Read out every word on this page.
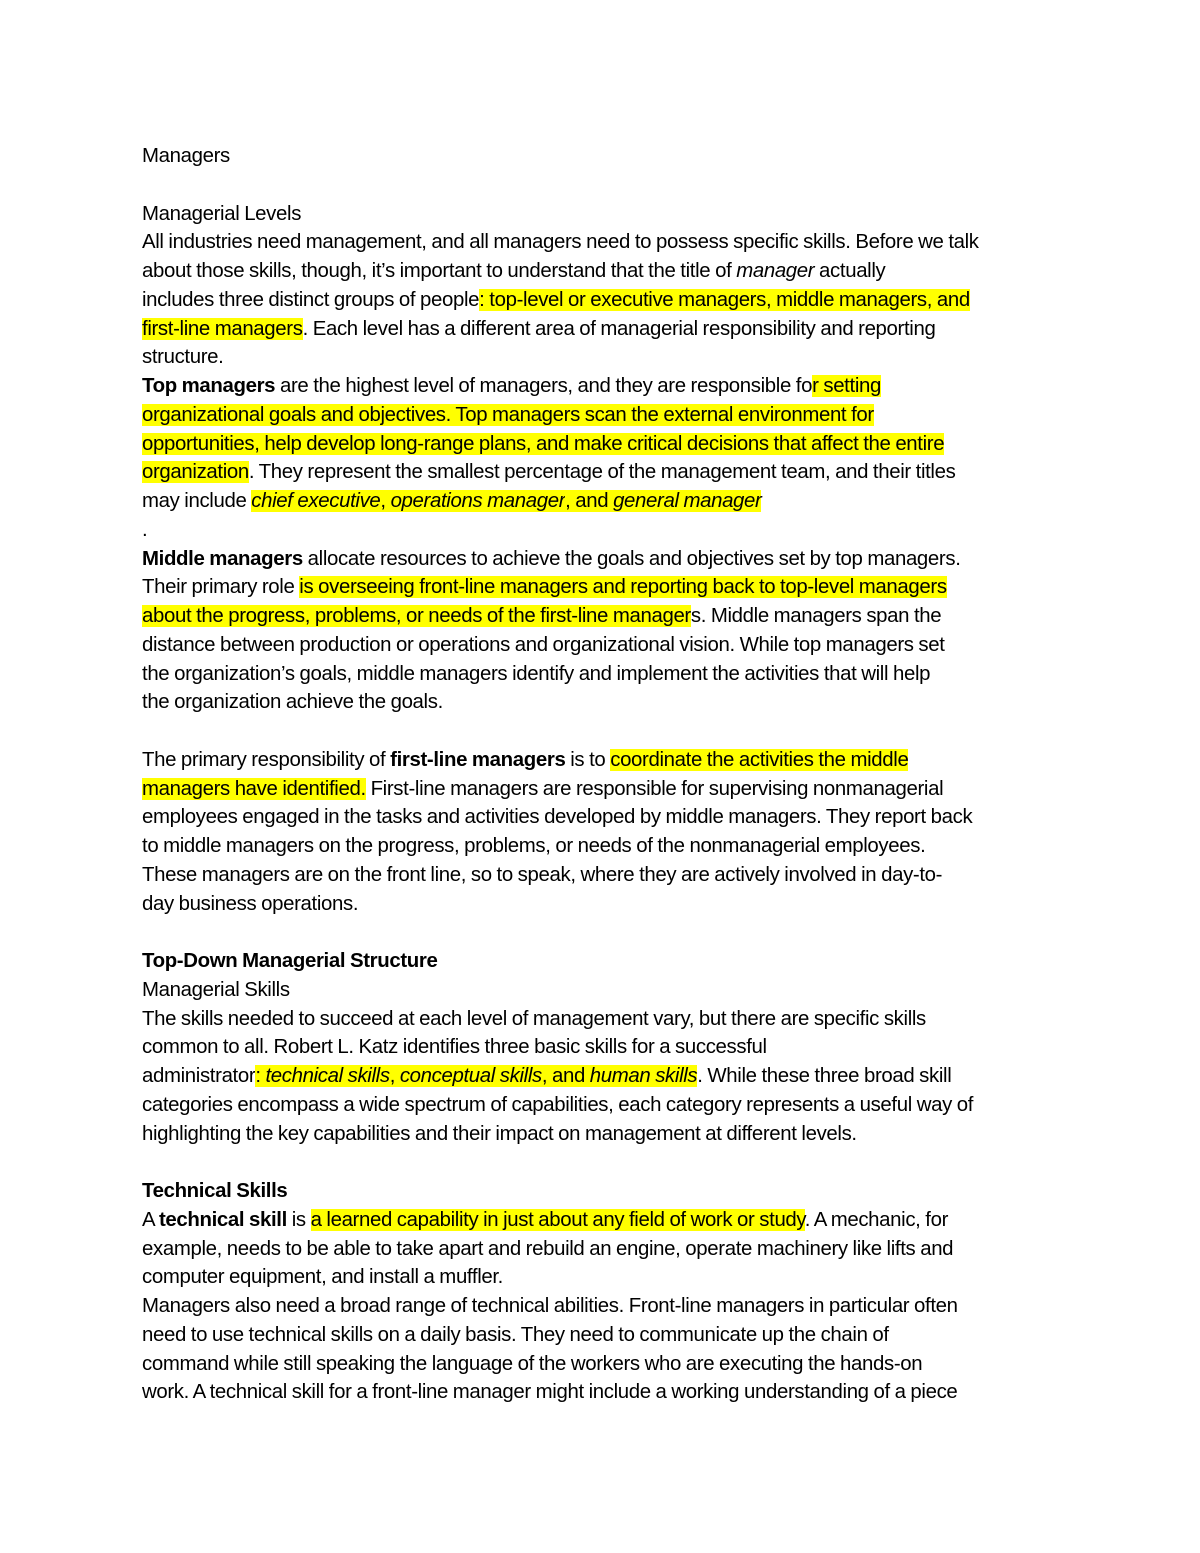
Managers
Managerial Levels
All industries need management, and all managers need to possess specific skills. Before we talk
about those skills, though, it’s important to understand that the title of manager actually
includes three distinct groups of people: top-level or executive managers, middle managers, and
first-line managers. Each level has a different area of managerial responsibility and reporting
structure.
Top managers are the highest level of managers, and they are responsible for setting
organizational goals and objectives. Top managers scan the external environment for
opportunities, help develop long-range plans, and make critical decisions that affect the entire
organization. They represent the smallest percentage of the management team, and their titles
may include chief executive, operations manager, and general manager
.
Middle managers allocate resources to achieve the goals and objectives set by top managers.
Their primary role is overseeing front-line managers and reporting back to top-level managers
about the progress, problems, or needs of the first-line managers. Middle managers span the
distance between production or operations and organizational vision. While top managers set
the organization’s goals, middle managers identify and implement the activities that will help
the organization achieve the goals.
The primary responsibility of first-line managers is to coordinate the activities the middle
managers have identified. First-line managers are responsible for supervising nonmanagerial
employees engaged in the tasks and activities developed by middle managers. They report back
to middle managers on the progress, problems, or needs of the nonmanagerial employees.
These managers are on the front line, so to speak, where they are actively involved in day-to-
day business operations.
Top-Down Managerial Structure
Managerial Skills
The skills needed to succeed at each level of management vary, but there are specific skills
common to all. Robert L. Katz identifies three basic skills for a successful
administrator: technical skills, conceptual skills, and human skills. While these three broad skill
categories encompass a wide spectrum of capabilities, each category represents a useful way of
highlighting the key capabilities and their impact on management at different levels.
Technical Skills
A technical skill is a learned capability in just about any field of work or study. A mechanic, for
example, needs to be able to take apart and rebuild an engine, operate machinery like lifts and
computer equipment, and install a muffler.
Managers also need a broad range of technical abilities. Front-line managers in particular often
need to use technical skills on a daily basis. They need to communicate up the chain of
command while still speaking the language of the workers who are executing the hands-on
work. A technical skill for a front-line manager might include a working understanding of a piece
